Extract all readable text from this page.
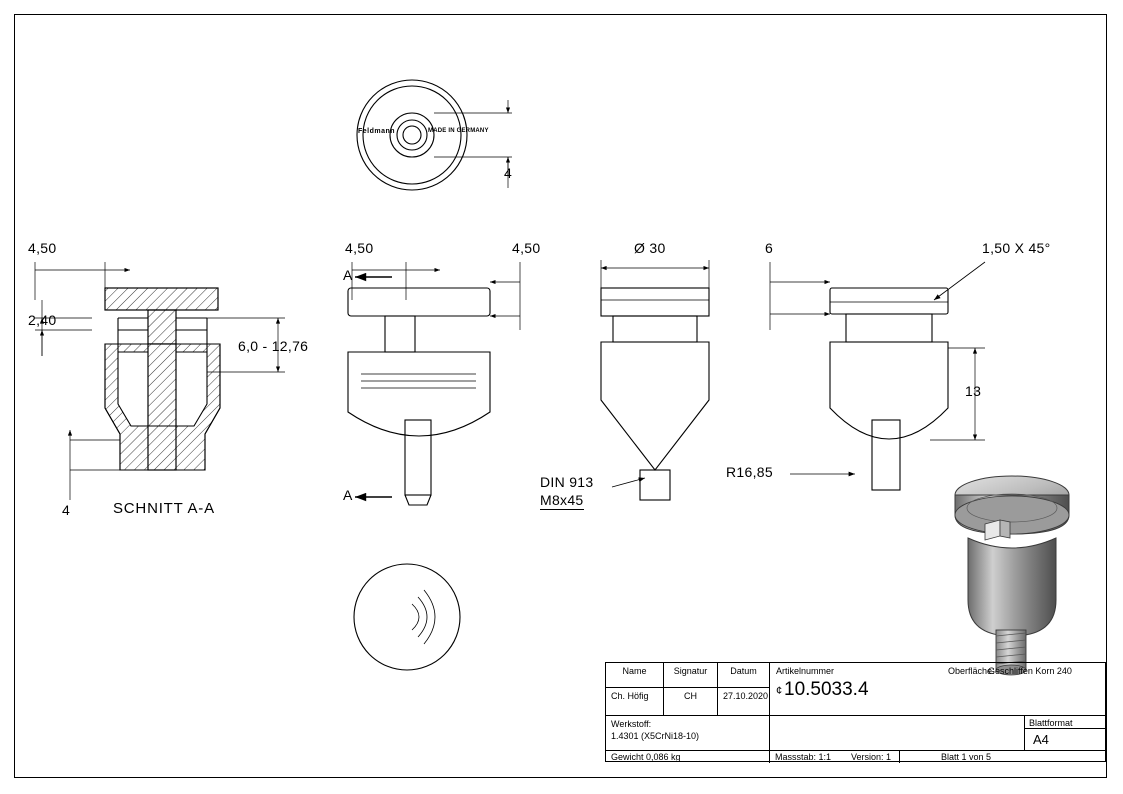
Feldmann	MADE IN GERMANY
4
4,50
2,40
6,0 - 12,76
4	SCHNITT A-A
4,50	4,50
A
A
Ø 30
DIN 913
M8x45
6	1,50 X 45°
13
R16,85
Name	Signatur	Datum
Ch. Höfig	CH	27.10.2020
Artikelnummer	Oberfläche:
Geschliffen Korn 240
¢ 10.5033.4
Werkstoff:
1.4301 (X5CrNi18-10)
Blattformat
A4
Gewicht 0,086 kg	Massstab: 1:1	Version: 1	Blatt 1 von 5
